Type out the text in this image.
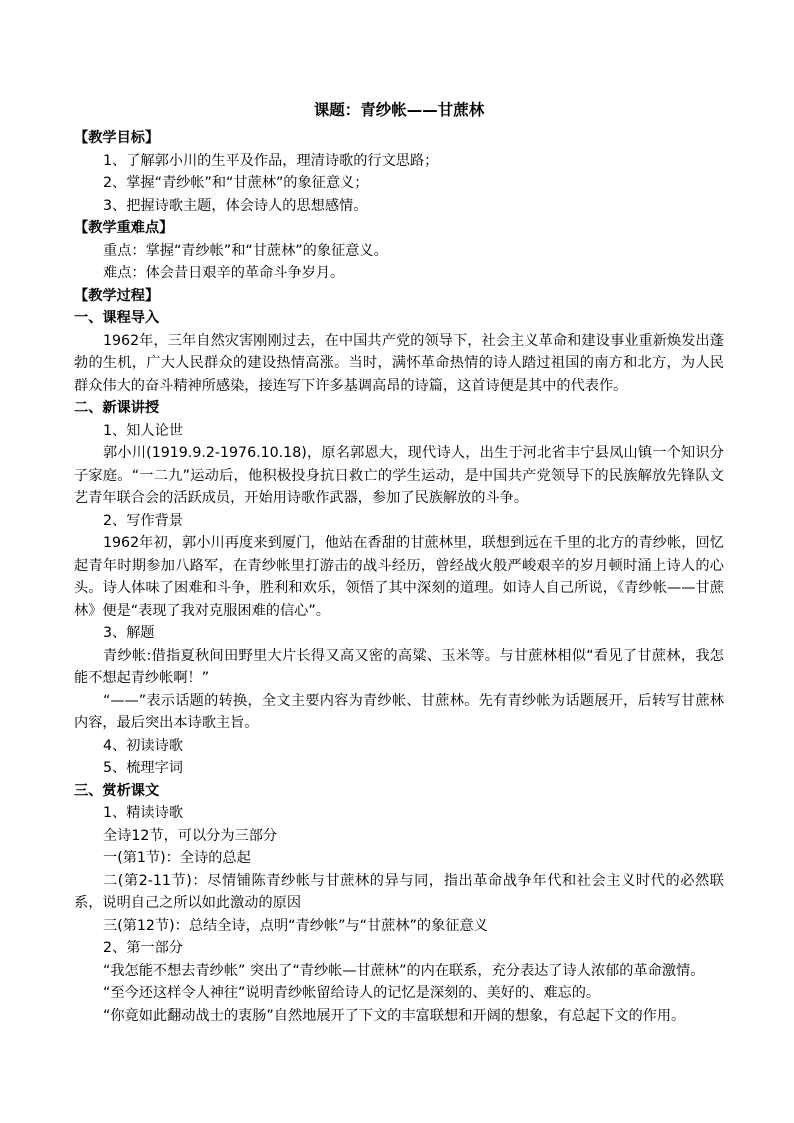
课题：青纱帐——甘蔗林

【教学目标】

1、了解郭小川的生平及作品，理清诗歌的行文思路；

2、掌握“青纱帐”和“甘蔗林”的象征意义；

3、把握诗歌主题，体会诗人的思想感情。

【教学重难点】

重点：掌握“青纱帐”和“甘蔗林”的象征意义。

难点：体会昔日艰辛的革命斗争岁月。

【教学过程】

一、课程导入

1962年，三年自然灾害刚刚过去，在中国共产党的领导下，社会主义革命和建设事业重新焕发出蓬勃的生机，广大人民群众的建设热情高涨。当时，满怀革命热情的诗人踏过祖国的南方和北方，为人民群众伟大的奋斗精神所感染，接连写下许多基调高昂的诗篇，这首诗便是其中的代表作。

二、新课讲授

1、知人论世

郭小川(1919.9.2-1976.10.18)，原名郭恩大，现代诗人，出生于河北省丰宁县凤山镇一个知识分子家庭。“一二九”运动后，他积极投身抗日救亡的学生运动，是中国共产党领导下的民族解放先锋队文艺青年联合会的活跃成员，开始用诗歌作武器，参加了民族解放的斗争。

2、写作背景

1962年初，郭小川再度来到厦门，他站在香甜的甘蔗林里，联想到远在千里的北方的青纱帐，回忆起青年时期参加八路军，在青纱帐里打游击的战斗经历，曾经战火般严峻艰辛的岁月顿时涌上诗人的心头。诗人体味了困难和斗争，胜利和欢乐，领悟了其中深刻的道理。如诗人自己所说，《青纱帐——甘蔗林》便是“表现了我对克服困难的信心”。

3、解题

青纱帐:借指夏秋间田野里大片长得又高又密的高粱、玉米等。与甘蔗林相似“看见了甘蔗林，我怎能不想起青纱帐啊！”

“——”表示话题的转换，全文主要内容为青纱帐、甘蔗林。先有青纱帐为话题展开，后转写甘蔗林内容，最后突出本诗歌主旨。

4、初读诗歌

5、梳理字词

三、赏析课文

1、精读诗歌

全诗12节，可以分为三部分

一(第1节)：全诗的总起

二(第2-11节)：尽情铺陈青纱帐与甘蔗林的异与同，指出革命战争年代和社会主义时代的必然联系，说明自己之所以如此激动的原因

三(第12节)：总结全诗，点明“青纱帐”与“甘蔗林”的象征意义

2、第一部分

“我怎能不想去青纱帐” 突出了“青纱帐—甘蔗林”的内在联系，充分表达了诗人浓郁的革命激情。

“至今还这样令人神往”说明青纱帐留给诗人的记忆是深刻的、美好的、难忘的。

“你竟如此翻动战士的衷肠”自然地展开了下文的丰富联想和开阔的想象，有总起下文的作用。
